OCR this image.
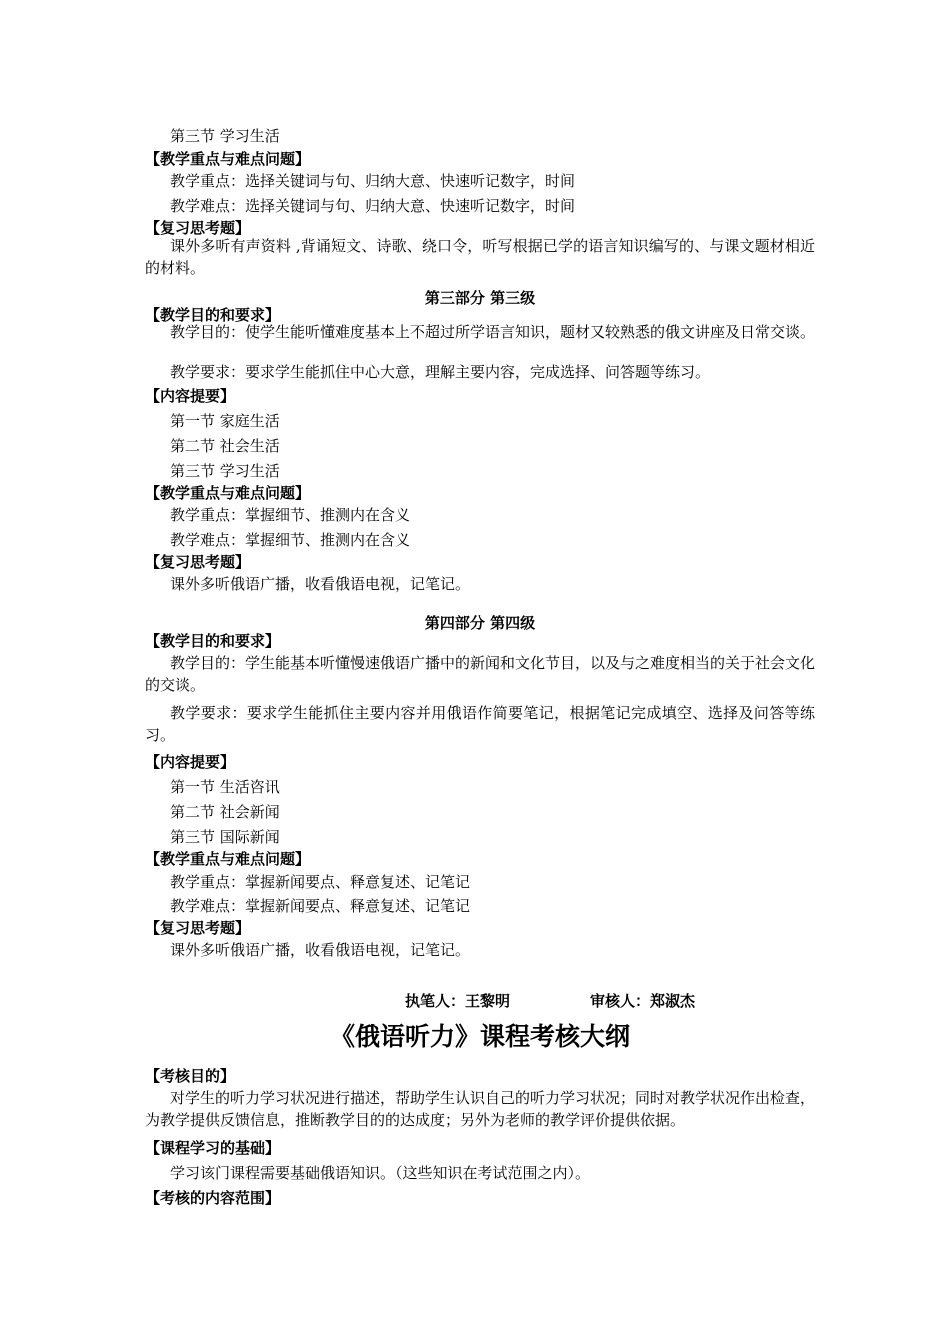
第三节 学习生活
【教学重点与难点问题】
教学重点：选择关键词与句、归纳大意、快速听记数字，时间
教学难点：选择关键词与句、归纳大意、快速听记数字，时间
【复习思考题】
课外多听有声资料 ,背诵短文、诗歌、绕口令，听写根据已学的语言知识编写的、与课文题材相近的材料。
第三部分 第三级
【教学目的和要求】
教学目的：使学生能听懂难度基本上不超过所学语言知识，题材又较熟悉的俄文讲座及日常交谈。
教学要求：要求学生能抓住中心大意，理解主要内容，完成选择、问答题等练习。
【内容提要】
第一节 家庭生活
第二节 社会生活
第三节 学习生活
【教学重点与难点问题】
教学重点：掌握细节、推测内在含义
教学难点：掌握细节、推测内在含义
【复习思考题】
课外多听俄语广播，收看俄语电视，记笔记。
第四部分 第四级
【教学目的和要求】
教学目的：学生能基本听懂慢速俄语广播中的新闻和文化节目，以及与之难度相当的关于社会文化的交谈。
教学要求：要求学生能抓住主要内容并用俄语作简要笔记，根据笔记完成填空、选择及问答等练习。
【内容提要】
第一节 生活咨讯
第二节 社会新闻
第三节 国际新闻
【教学重点与难点问题】
教学重点：掌握新闻要点、释意复述、记笔记
教学难点：掌握新闻要点、释意复述、记笔记
【复习思考题】
课外多听俄语广播，收看俄语电视，记笔记。
执笔人：王黎明	审核人：郑淑杰
《俄语听力》课程考核大纲
【考核目的】
对学生的听力学习状况进行描述，帮助学生认识自己的听力学习状况；同时对教学状况作出检查，为教学提供反馈信息，推断教学目的的达成度；另外为老师的教学评价提供依据。
【课程学习的基础】
学习该门课程需要基础俄语知识。（这些知识在考试范围之内）。
【考核的内容范围】
